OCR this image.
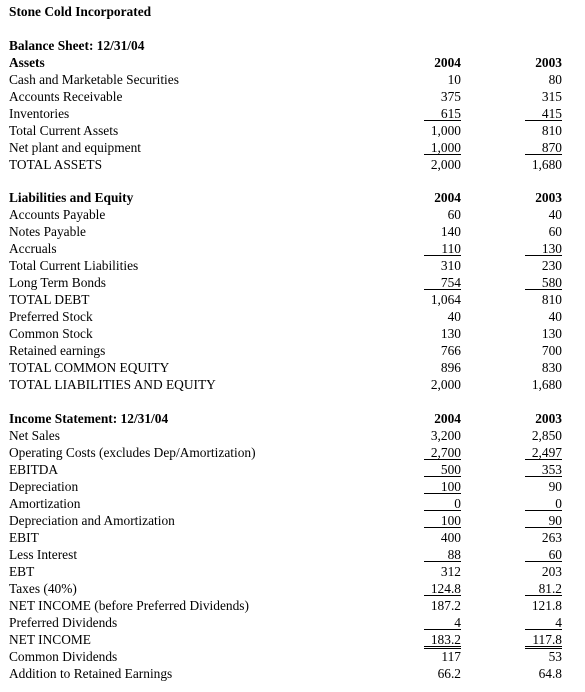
Stone Cold Incorporated
Balance Sheet: 12/31/04
Assets	2004	2003
Cash and Marketable Securities	10	80
Accounts Receivable	375	315
Inventories	615	415
Total Current Assets	1,000	810
Net plant and equipment	1,000	870
TOTAL ASSETS	2,000	1,680
Liabilities and Equity	2004	2003
Accounts Payable	60	40
Notes Payable	140	60
Accruals	110	130
Total Current Liabilities	310	230
Long Term Bonds	754	580
TOTAL DEBT	1,064	810
Preferred Stock	40	40
Common Stock	130	130
Retained earnings	766	700
TOTAL COMMON EQUITY	896	830
TOTAL LIABILITIES AND EQUITY	2,000	1,680
Income Statement: 12/31/04	2004	2003
Net Sales	3,200	2,850
Operating Costs (excludes Dep/Amortization)	2,700	2,497
EBITDA	500	353
Depreciation	100	90
Amortization	0	0
Depreciation and Amortization	100	90
EBIT	400	263
Less Interest	88	60
EBT	312	203
Taxes (40%)	124.8	81.2
NET INCOME (before Preferred Dividends)	187.2	121.8
Preferred Dividends	4	4
NET INCOME	183.2	117.8
Common Dividends	117	53
Addition to Retained Earnings	66.2	64.8
